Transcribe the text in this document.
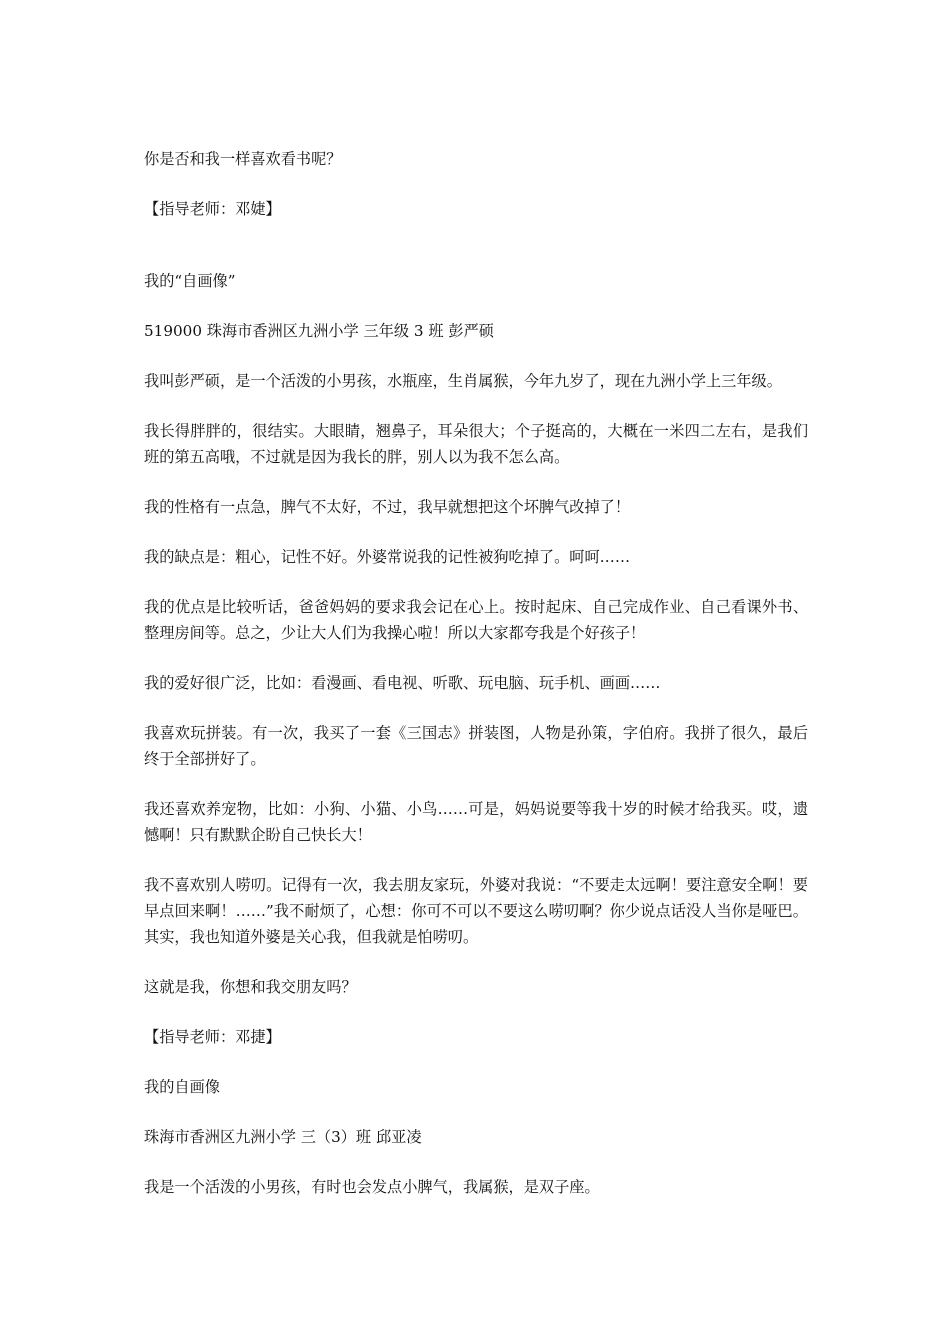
你是否和我一样喜欢看书呢？

【指导老师：邓婕】

我的“自画像”

519000 珠海市香洲区九洲小学 三年级 3 班 彭严硕

我叫彭严硕，是一个活泼的小男孩，水瓶座，生肖属猴，今年九岁了，现在九洲小学上三年级。

我长得胖胖的，很结实。大眼睛，翘鼻子，耳朵很大；个子挺高的，大概在一米四二左右，是我们班的第五高哦，不过就是因为我长的胖，别人以为我不怎么高。

我的性格有一点急，脾气不太好，不过，我早就想把这个坏脾气改掉了！

我的缺点是：粗心，记性不好。外婆常说我的记性被狗吃掉了。呵呵……

我的优点是比较听话，爸爸妈妈的要求我会记在心上。按时起床、自己完成作业、自己看课外书、整理房间等。总之，少让大人们为我操心啦！所以大家都夸我是个好孩子！

我的爱好很广泛，比如：看漫画、看电视、听歌、玩电脑、玩手机、画画……

我喜欢玩拼装。有一次，我买了一套《三国志》拼装图，人物是孙策，字伯府。我拼了很久，最后终于全部拼好了。

我还喜欢养宠物，比如：小狗、小猫、小鸟……可是，妈妈说要等我十岁的时候才给我买。哎，遗憾啊！只有默默企盼自己快长大！

我不喜欢别人唠叨。记得有一次，我去朋友家玩，外婆对我说：“不要走太远啊！要注意安全啊！要早点回来啊！……”我不耐烦了，心想：你可不可以不要这么唠叨啊？你少说点话没人当你是哑巴。其实，我也知道外婆是关心我，但我就是怕唠叨。

这就是我，你想和我交朋友吗？

【指导老师：邓捷】

我的自画像

珠海市香洲区九洲小学 三（3）班 邱亚凌

我是一个活泼的小男孩，有时也会发点小脾气，我属猴，是双子座。
